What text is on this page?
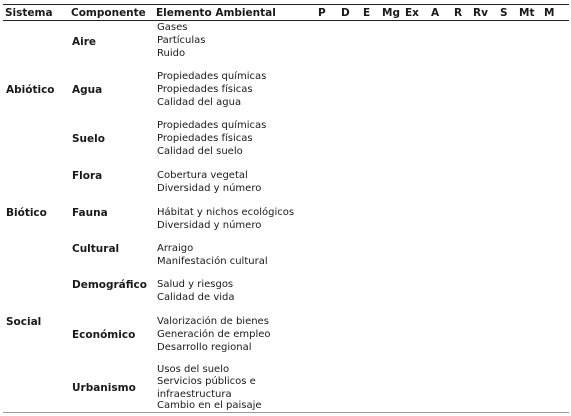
Sistema Componente Elemento Ambiental	P D E Mg Ex A R Rv S Mt M
Abiótico
Biótico
Social
Aire
Agua
Suelo
Flora
Fauna
Cultural
Demográfico
Económico
Urbanismo
Gases
Partículas
Ruido
Propiedades químicas
Propiedades físicas
Calidad del agua
Propiedades químicas
Propiedades físicas
Calidad del suelo
Cobertura vegetal
Diversidad y número
Hábitat y nichos ecológicos
Diversidad y número
Arraigo
Manifestación cultural
Salud y riesgos
Calidad de vida
Valorización de bienes
Generación de empleo
Desarrollo regional
Usos del suelo
Servicios públicos e
infraestructura
Cambio en el paisaje
